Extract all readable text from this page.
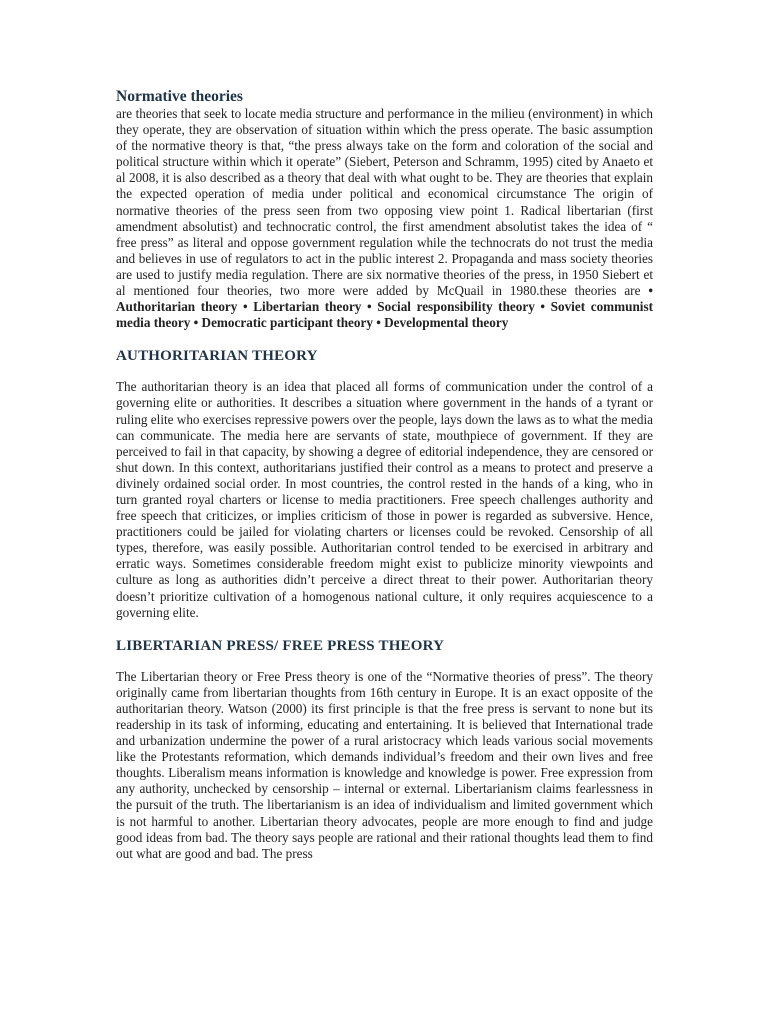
Normative theories

are theories that seek to locate media structure and performance in the milieu (environment) in which they operate, they are observation of situation within which the press operate. The basic assumption of the normative theory is that, “the press always take on the form and coloration of the social and political structure within which it operate” (Siebert, Peterson and Schramm, 1995) cited by Anaeto et al 2008, it is also described as a theory that deal with what ought to be. They are theories that explain the expected operation of media under political and economical circumstance The origin of normative theories of the press seen from two opposing view point 1. Radical libertarian (first amendment absolutist) and technocratic control, the first amendment absolutist takes the idea of “ free press” as literal and oppose government regulation while the technocrats do not trust the media and believes in use of regulators to act in the public interest 2. Propaganda and mass society theories are used to justify media regulation. There are six normative theories of the press, in 1950 Siebert et al mentioned four theories, two more were added by McQuail in 1980.these theories are • Authoritarian theory • Libertarian theory • Social responsibility theory • Soviet communist media theory • Democratic participant theory • Developmental theory

AUTHORITARIAN THEORY

The authoritarian theory is an idea that placed all forms of communication under the control of a governing elite or authorities. It describes a situation where government in the hands of a tyrant or ruling elite who exercises repressive powers over the people, lays down the laws as to what the media can communicate. The media here are servants of state, mouthpiece of government. If they are perceived to fail in that capacity, by showing a degree of editorial independence, they are censored or shut down. In this context, authoritarians justified their control as a means to protect and preserve a divinely ordained social order. In most countries, the control rested in the hands of a king, who in turn granted royal charters or license to media practitioners. Free speech challenges authority and free speech that criticizes, or implies criticism of those in power is regarded as subversive. Hence, practitioners could be jailed for violating charters or licenses could be revoked. Censorship of all types, therefore, was easily possible. Authoritarian control tended to be exercised in arbitrary and erratic ways. Sometimes considerable freedom might exist to publicize minority viewpoints and culture as long as authorities didn’t perceive a direct threat to their power. Authoritarian theory doesn’t prioritize cultivation of a homogenous national culture, it only requires acquiescence to a governing elite.

LIBERTARIAN PRESS/ FREE PRESS THEORY

The Libertarian theory or Free Press theory is one of the “Normative theories of press”. The theory originally came from libertarian thoughts from 16th century in Europe. It is an exact opposite of the authoritarian theory. Watson (2000) its first principle is that the free press is servant to none but its readership in its task of informing, educating and entertaining. It is believed that International trade and urbanization undermine the power of a rural aristocracy which leads various social movements like the Protestants reformation, which demands individual’s freedom and their own lives and free thoughts. Liberalism means information is knowledge and knowledge is power. Free expression from any authority, unchecked by censorship – internal or external. Libertarianism claims fearlessness in the pursuit of the truth. The libertarianism is an idea of individualism and limited government which is not harmful to another. Libertarian theory advocates, people are more enough to find and judge good ideas from bad. The theory says people are rational and their rational thoughts lead them to find out what are good and bad. The press
